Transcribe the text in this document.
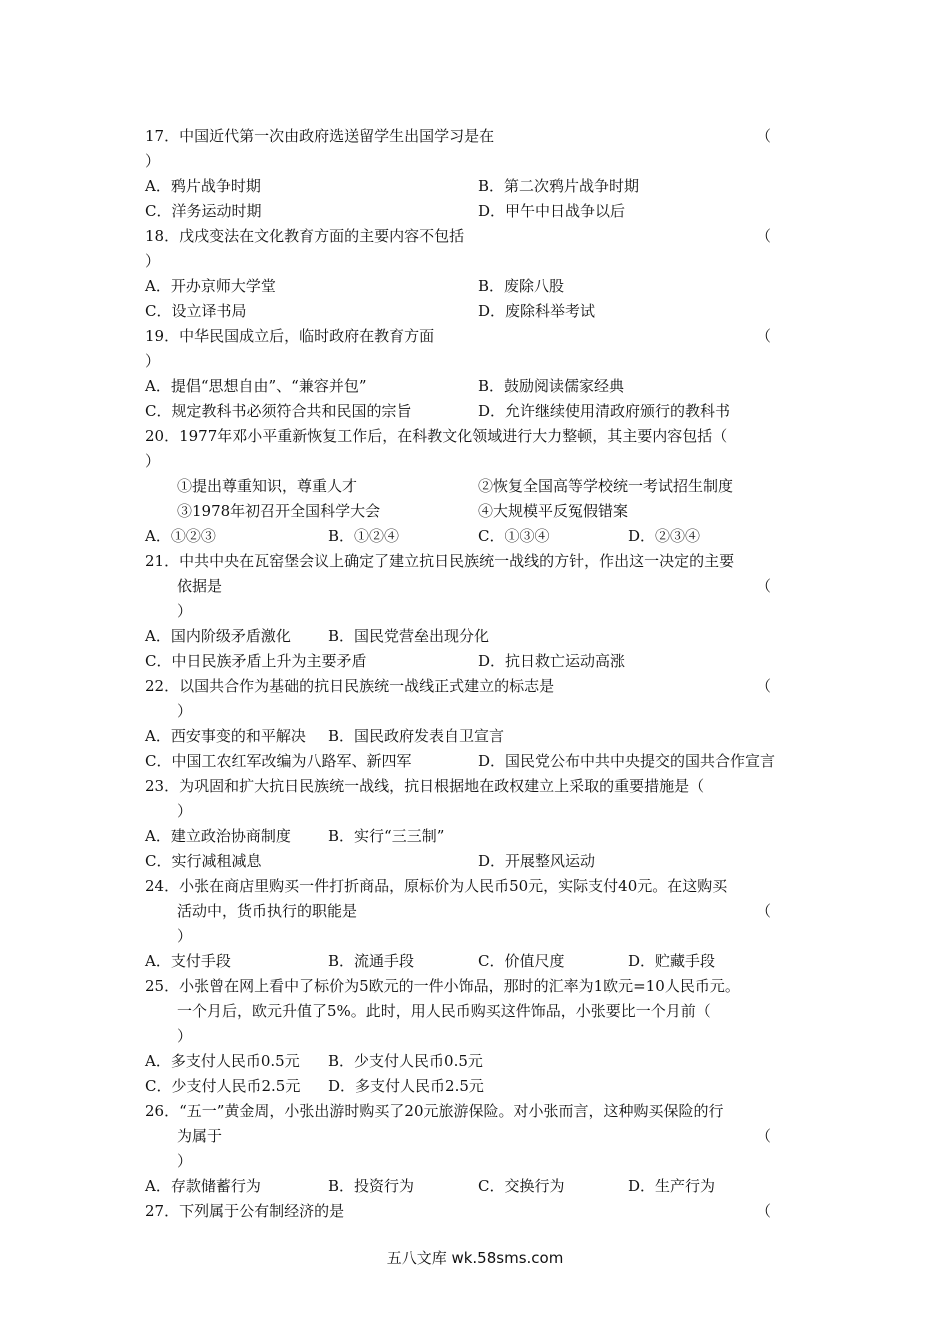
17．中国近代第一次由政府选送留学生出国学习是在	（
）
A．鸦片战争时期	B．第二次鸦片战争时期
C．洋务运动时期	D．甲午中日战争以后
18．戊戌变法在文化教育方面的主要内容不包括	（
）
A．开办京师大学堂	B．废除八股
C．设立译书局	D．废除科举考试
19．中华民国成立后，临时政府在教育方面	（
）
A．提倡“思想自由”、“兼容并包”	B．鼓励阅读儒家经典
C．规定教科书必须符合共和民国的宗旨	D．允许继续使用清政府颁行的教科书
20．1977年邓小平重新恢复工作后，在科教文化领域进行大力整顿，其主要内容包括（
）
①提出尊重知识，尊重人才	②恢复全国高等学校统一考试招生制度
③1978年初召开全国科学大会	④大规模平反冤假错案
A．①②③	B．①②④	C．①③④	D．②③④
21．中共中央在瓦窑堡会议上确定了建立抗日民族统一战线的方针，作出这一决定的主要
依据是	（
）
A．国内阶级矛盾激化 B．国民党营垒出现分化
C．中日民族矛盾上升为主要矛盾	D．抗日救亡运动高涨
22．以国共合作为基础的抗日民族统一战线正式建立的标志是	（
）
A．西安事变的和平解决 B．国民政府发表自卫宣言
C．中国工农红军改编为八路军、新四军	D．国民党公布中共中央提交的国共合作宣言
23．为巩固和扩大抗日民族统一战线，抗日根据地在政权建立上采取的重要措施是（
）
A．建立政治协商制度 B．实行“三三制”
C．实行减租减息	D．开展整风运动
24．小张在商店里购买一件打折商品，原标价为人民币50元，实际支付40元。在这购买
活动中，货币执行的职能是	（
）
A．支付手段	B．流通手段	C．价值尺度	D．贮藏手段
25．小张曾在网上看中了标价为5欧元的一件小饰品，那时的汇率为1欧元=10人民币元。
一个月后，欧元升值了5%。此时，用人民币购买这件饰品，小张要比一个月前（
）
A．多支付人民币0.5元 B．少支付人民币0.5元
C．少支付人民币2.5元 D．多支付人民币2.5元
26．“五一”黄金周，小张出游时购买了20元旅游保险。对小张而言，这种购买保险的行
为属于	（
）
A．存款储蓄行为	B．投资行为	C．交换行为	D．生产行为
27．下列属于公有制经济的是	（
五八文库 wk.58sms.com
